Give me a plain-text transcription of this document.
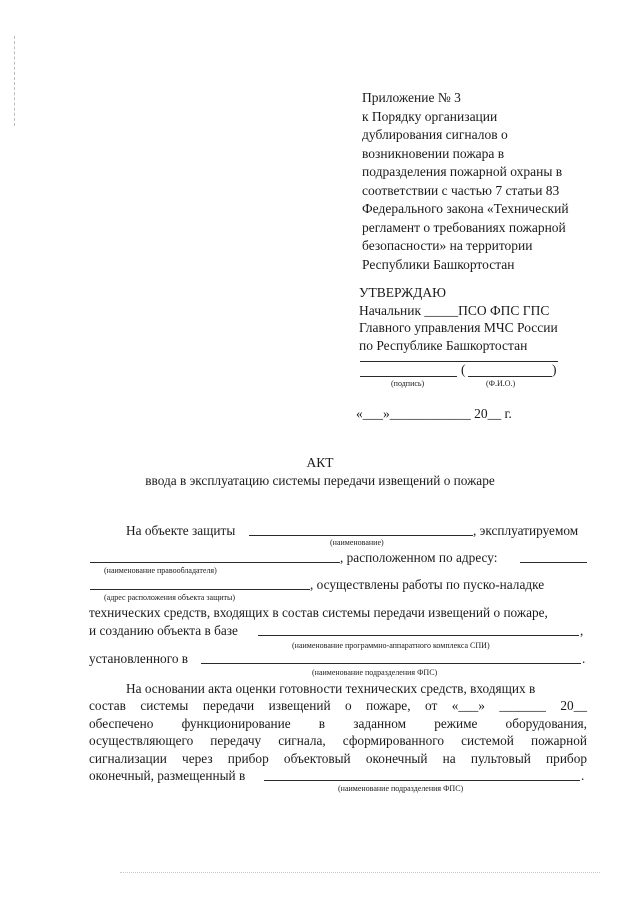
Приложение № 3
к Порядку организации
дублирования сигналов о
возникновении пожара в
подразделения пожарной охраны в
соответствии с частью 7 статьи 83
Федерального закона «Технический
регламент о требованиях пожарной
безопасности» на территории
Республики Башкортостан
УТВЕРЖДАЮ
Начальник _____ПСО ФПС ГПС
Главного управления МЧС России
по Республике Башкортостан
(	)
(подпись)	(Ф.И.О.)
«___»____________ 20__ г.
АКТ
ввода в эксплуатацию системы передачи извещений о пожаре
На объекте защиты	, эксплуатируемом
(наименование)
, расположенном по адресу:
(наименование правообладателя)
, осуществлены работы по пуско-наладке
(адрес расположения объекта защиты)
технических средств, входящих в состав системы передачи извещений о пожаре,
и созданию объекта в базе	,
(наименование программно-аппаратного комплекса СПИ)
установленного в	.
(наименование подразделения ФПС)
На основании акта оценки готовности технических средств, входящих в
состав системы передачи извещений о пожаре, от «___» _______ 20__
обеспечено функционирование в заданном режиме оборудования,
осуществляющего передачу сигнала, сформированного системой пожарной
сигнализации через прибор объектовый оконечный на пультовый прибор
оконечный, размещенный в	.
(наименование подразделения ФПС)
